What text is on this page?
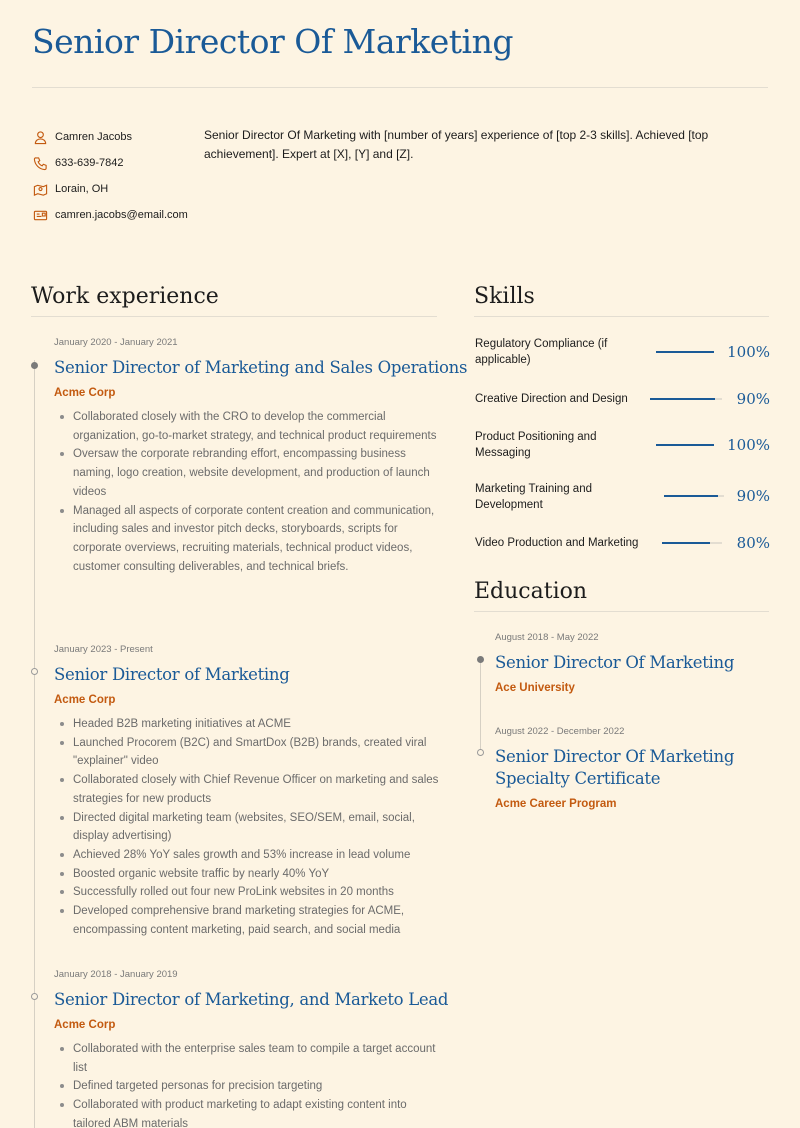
Senior Director Of Marketing
Camren Jacobs
633-639-7842
Lorain, OH
camren.jacobs@email.com

Senior Director Of Marketing with [number of years] experience of [top 2-3 skills]. Achieved [top achievement]. Expert at [X], [Y] and [Z].

Work experience
January 2020 - January 2021
Senior Director of Marketing and Sales Operations
Acme Corp
Collaborated closely with the CRO to develop the commercial organization, go-to-market strategy, and technical product requirements
Oversaw the corporate rebranding effort, encompassing business naming, logo creation, website development, and production of launch videos
Managed all aspects of corporate content creation and communication, including sales and investor pitch decks, storyboards, scripts for corporate overviews, recruiting materials, technical product videos, customer consulting deliverables, and technical briefs.
January 2023 - Present
Senior Director of Marketing
Acme Corp
Headed B2B marketing initiatives at ACME
Launched Procorem (B2C) and SmartDox (B2B) brands, created viral "explainer" video
Collaborated closely with Chief Revenue Officer on marketing and sales strategies for new products
Directed digital marketing team (websites, SEO/SEM, email, social, display advertising)
Achieved 28% YoY sales growth and 53% increase in lead volume
Boosted organic website traffic by nearly 40% YoY
Successfully rolled out four new ProLink websites in 20 months
Developed comprehensive brand marketing strategies for ACME, encompassing content marketing, paid search, and social media
January 2018 - January 2019
Senior Director of Marketing, and Marketo Lead
Acme Corp
Collaborated with the enterprise sales team to compile a target account list
Defined targeted personas for precision targeting
Collaborated with product marketing to adapt existing content into tailored ABM materials
Skills
Regulatory Compliance (if applicable)	100%
Creative Direction and Design	90%
Product Positioning and Messaging	100%
Marketing Training and Development	90%
Video Production and Marketing	80%
Education
August 2018 - May 2022
Senior Director Of Marketing
Ace University
August 2022 - December 2022
Senior Director Of Marketing Specialty Certificate
Acme Career Program
